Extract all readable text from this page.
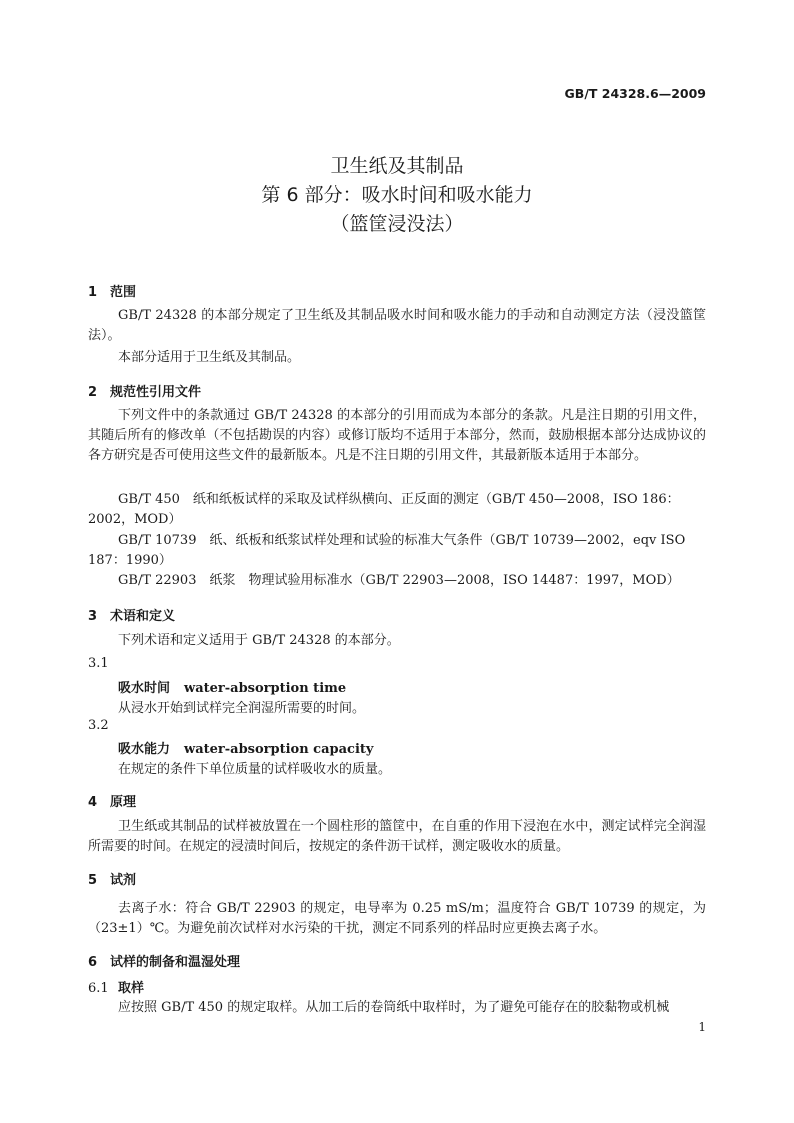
GB/T 24328.6—2009
卫生纸及其制品
第 6 部分：吸水时间和吸水能力
（篮筐浸没法）
1 范围
GB/T 24328 的本部分规定了卫生纸及其制品吸水时间和吸水能力的手动和自动测定方法（浸没篮筐法）。
本部分适用于卫生纸及其制品。
2 规范性引用文件
下列文件中的条款通过 GB/T 24328 的本部分的引用而成为本部分的条款。凡是注日期的引用文件，其随后所有的修改单（不包括勘误的内容）或修订版均不适用于本部分，然而，鼓励根据本部分达成协议的各方研究是否可使用这些文件的最新版本。凡是不注日期的引用文件，其最新版本适用于本部分。
GB/T 450　纸和纸板试样的采取及试样纵横向、正反面的测定（GB/T 450—2008，ISO 186：2002，MOD）
GB/T 10739　纸、纸板和纸浆试样处理和试验的标准大气条件（GB/T 10739—2002，eqv ISO 187：1990）
GB/T 22903　纸浆　物理试验用标准水（GB/T 22903—2008，ISO 14487：1997，MOD）
3 术语和定义
下列术语和定义适用于 GB/T 24328 的本部分。
3.1
吸水时间 water-absorption time
从浸水开始到试样完全润湿所需要的时间。
3.2
吸水能力 water-absorption capacity
在规定的条件下单位质量的试样吸收水的质量。
4 原理
卫生纸或其制品的试样被放置在一个圆柱形的篮筐中，在自重的作用下浸泡在水中，测定试样完全润湿所需要的时间。在规定的浸渍时间后，按规定的条件沥干试样，测定吸收水的质量。
5 试剂
去离子水：符合 GB/T 22903 的规定，电导率为 0.25 mS/m；温度符合 GB/T 10739 的规定，为（23±1）℃。为避免前次试样对水污染的干扰，测定不同系列的样品时应更换去离子水。
6 试样的制备和温湿处理
6.1 取样
应按照 GB/T 450 的规定取样。从加工后的卷筒纸中取样时，为了避免可能存在的胶黏物或机械
1
